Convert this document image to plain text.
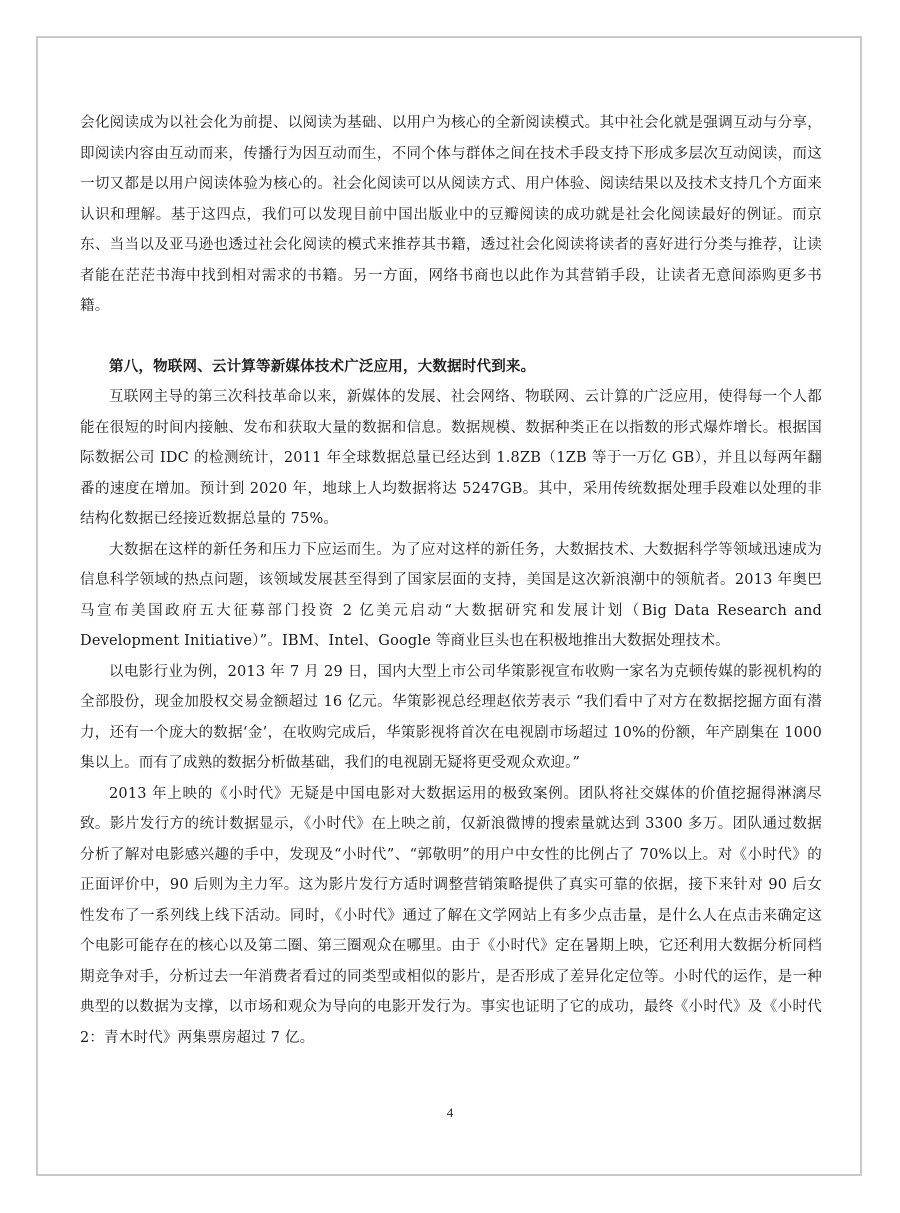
会化阅读成为以社会化为前提、以阅读为基础、以用户为核心的全新阅读模式。其中社会化就是强调互动与分享，即阅读内容由互动而来，传播行为因互动而生，不同个体与群体之间在技术手段支持下形成多层次互动阅读，而这一切又都是以用户阅读体验为核心的。社会化阅读可以从阅读方式、用户体验、阅读结果以及技术支持几个方面来认识和理解。基于这四点，我们可以发现目前中国出版业中的豆瓣阅读的成功就是社会化阅读最好的例证。而京东、当当以及亚马逊也透过社会化阅读的模式来推荐其书籍，透过社会化阅读将读者的喜好进行分类与推荐，让读者能在茫茫书海中找到相对需求的书籍。另一方面，网络书商也以此作为其营销手段，让读者无意间添购更多书籍。

第八，物联网、云计算等新媒体技术广泛应用，大数据时代到来。

互联网主导的第三次科技革命以来，新媒体的发展、社会网络、物联网、云计算的广泛应用，使得每一个人都能在很短的时间内接触、发布和获取大量的数据和信息。数据规模、数据种类正在以指数的形式爆炸增长。根据国际数据公司 IDC 的检测统计，2011 年全球数据总量已经达到 1.8ZB（1ZB 等于一万亿 GB），并且以每两年翻番的速度在增加。预计到 2020 年，地球上人均数据将达 5247GB。其中，采用传统数据处理手段难以处理的非结构化数据已经接近数据总量的 75%。

大数据在这样的新任务和压力下应运而生。为了应对这样的新任务，大数据技术、大数据科学等领域迅速成为信息科学领域的热点问题，该领域发展甚至得到了国家层面的支持，美国是这次新浪潮中的领航者。2013 年奥巴马宣布美国政府五大征募部门投资 2 亿美元启动“大数据研究和发展计划（Big Data Research and Development Initiative）”。IBM、Intel、Google 等商业巨头也在积极地推出大数据处理技术。

以电影行业为例，2013 年 7 月 29 日，国内大型上市公司华策影视宣布收购一家名为克顿传媒的影视机构的全部股份，现金加股权交易金额超过 16 亿元。华策影视总经理赵依芳表示 “我们看中了对方在数据挖掘方面有潜力，还有一个庞大的数据‘金’，在收购完成后，华策影视将首次在电视剧市场超过 10%的份额，年产剧集在 1000 集以上。而有了成熟的数据分析做基础，我们的电视剧无疑将更受观众欢迎。”

2013 年上映的《小时代》无疑是中国电影对大数据运用的极致案例。团队将社交媒体的价值挖掘得淋漓尽致。影片发行方的统计数据显示，《小时代》在上映之前，仅新浪微博的搜索量就达到 3300 多万。团队通过数据分析了解对电影感兴趣的手中，发现及“小时代”、“郭敬明”的用户中女性的比例占了 70%以上。对《小时代》的正面评价中，90 后则为主力军。这为影片发行方适时调整营销策略提供了真实可靠的依据，接下来针对 90 后女性发布了一系列线上线下活动。同时，《小时代》通过了解在文学网站上有多少点击量，是什么人在点击来确定这个电影可能存在的核心以及第二圈、第三圈观众在哪里。由于《小时代》定在暑期上映，它还利用大数据分析同档期竞争对手，分析过去一年消费者看过的同类型或相似的影片，是否形成了差异化定位等。小时代的运作，是一种典型的以数据为支撑，以市场和观众为导向的电影开发行为。事实也证明了它的成功，最终《小时代》及《小时代 2：青木时代》两集票房超过 7 亿。

4
